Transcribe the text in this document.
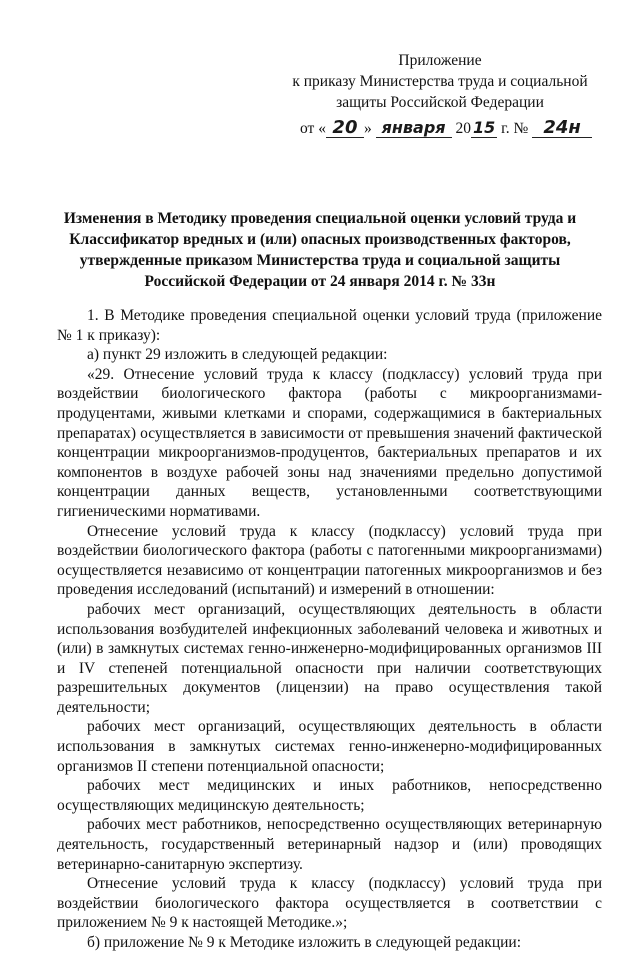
Приложение
к приказу Министерства труда и социальной
защиты Российской Федерации
от « 20 » января 20 15 г. № 24н
Изменения в Методику проведения специальной оценки условий труда и
Классификатор вредных и (или) опасных производственных факторов,
утвержденные приказом Министерства труда и социальной защиты
Российской Федерации от 24 января 2014 г. № 33н

1. В Методике проведения специальной оценки условий труда (приложение № 1 к приказу):

а) пункт 29 изложить в следующей редакции:

«29. Отнесение условий труда к классу (подклассу) условий труда при воздействии биологического фактора (работы с микроорганизмами-продуцентами, живыми клетками и спорами, содержащимися в бактериальных препаратах) осуществляется в зависимости от превышения значений фактической концентрации микроорганизмов-продуцентов, бактериальных препаратов и их компонентов в воздухе рабочей зоны над значениями предельно допустимой концентрации данных веществ, установленными соответствующими гигиеническими нормативами.

Отнесение условий труда к классу (подклассу) условий труда при воздействии биологического фактора (работы с патогенными микроорганизмами) осуществляется независимо от концентрации патогенных микроорганизмов и без проведения исследований (испытаний) и измерений в отношении:

рабочих мест организаций, осуществляющих деятельность в области использования возбудителей инфекционных заболеваний человека и животных и (или) в замкнутых системах генно-инженерно-модифицированных организмов III и IV степеней потенциальной опасности при наличии соответствующих разрешительных документов (лицензии) на право осуществления такой деятельности;

рабочих мест организаций, осуществляющих деятельность в области использования в замкнутых системах генно-инженерно-модифицированных организмов II степени потенциальной опасности;

рабочих мест медицинских и иных работников, непосредственно осуществляющих медицинскую деятельность;

рабочих мест работников, непосредственно осуществляющих ветеринарную деятельность, государственный ветеринарный надзор и (или) проводящих ветеринарно-санитарную экспертизу.

Отнесение условий труда к классу (подклассу) условий труда при воздействии биологического фактора осуществляется в соответствии с приложением № 9 к настоящей Методике.»;

б) приложение № 9 к Методике изложить в следующей редакции:
